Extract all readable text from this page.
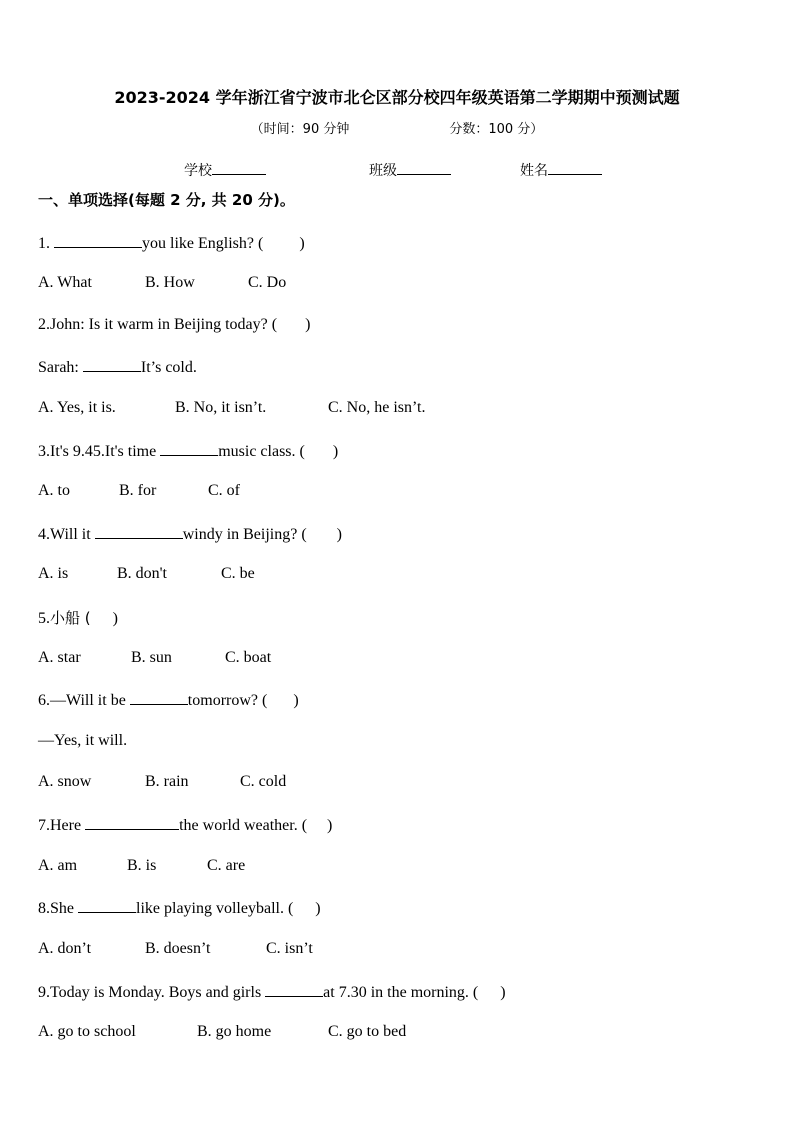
2023-2024 学年浙江省宁波市北仑区部分校四年级英语第二学期期中预测试题
（时间：90 分钟	分数：100 分）
学校	班级	姓名
一、单项选择(每题 2 分, 共 20 分)。
1.	you like English? ( )
A. What	B. How	C. Do
2.John: Is it warm in Beijing today? ( )
Sarah:	It’s cold.
A. Yes, it is.	B. No, it isn’t.	C. No, he isn’t.
3.It's 9.45.It's time	music class. ( )
A. to	B. for	C. of
4.Will it	windy in Beijing? ( )
A. is	B. don't	C. be
5.小船 ( )
A. star	B. sun	C. boat
6.—Will it be	tomorrow? ( )
—Yes, it will.
A. snow	B. rain	C. cold
7.Here	the world weather. ( )
A. am	B. is	C. are
8.She	like playing volleyball. ( )
A. don’t	B. doesn’t	C. isn’t
9.Today is Monday. Boys and girls	at 7.30 in the morning. ( )
A. go to school	B. go home	C. go to bed
